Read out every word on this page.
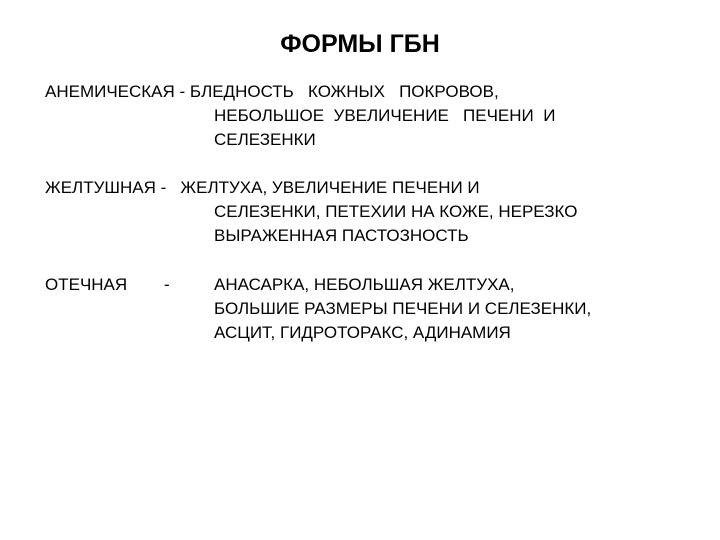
ФОРМЫ ГБН
АНЕМИЧЕСКАЯ - БЛЕДНОСТЬ   КОЖНЫХ   ПОКРОВОВ,
НЕБОЛЬШОЕ  УВЕЛИЧЕНИЕ   ПЕЧЕНИ  И
СЕЛЕЗЕНКИ
ЖЕЛТУШНАЯ -   ЖЕЛТУХА, УВЕЛИЧЕНИЕ ПЕЧЕНИ И
СЕЛЕЗЕНКИ, ПЕТЕХИИ НА КОЖЕ, НЕРЕЗКО
ВЫРАЖЕННАЯ ПАСТОЗНОСТЬ
ОТЕЧНАЯ -	АНАСАРКА, НЕБОЛЬШАЯ ЖЕЛТУХА,
БОЛЬШИЕ РАЗМЕРЫ ПЕЧЕНИ И СЕЛЕЗЕНКИ,
АСЦИТ, ГИДРОТОРАКС, АДИНАМИЯ
